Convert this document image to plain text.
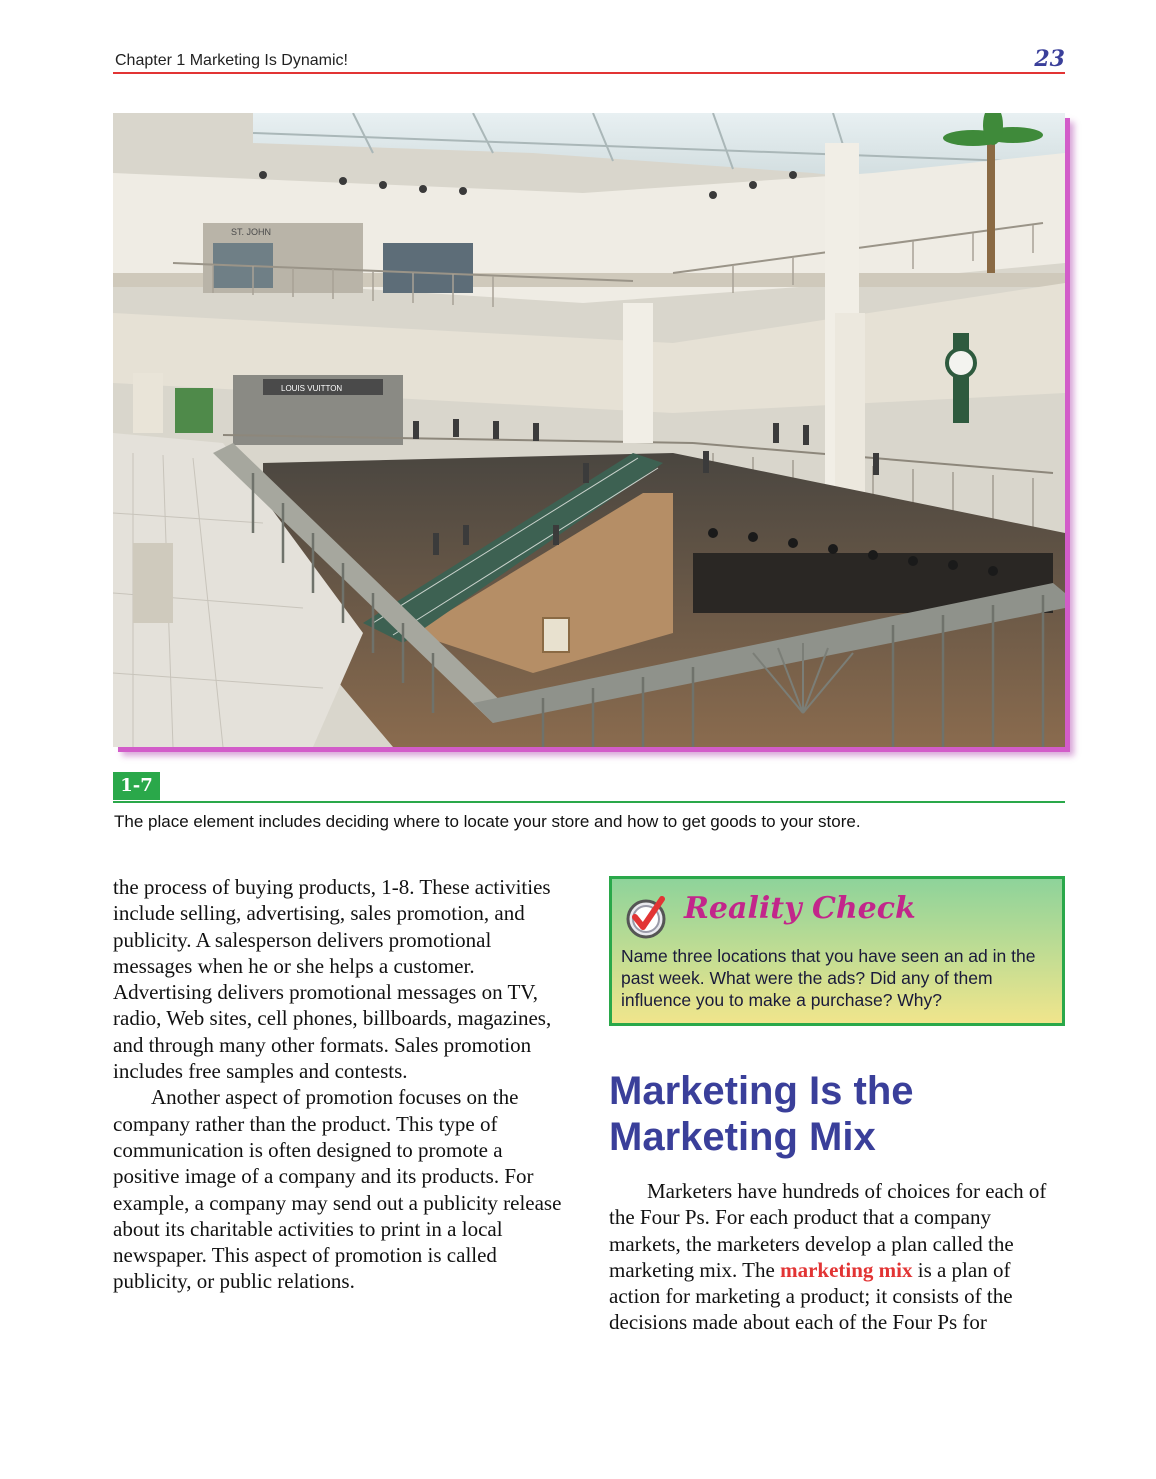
Chapter 1 Marketing Is Dynamic!	23
ST. JOHN
LOUIS VUITTON
1-7
The place element includes deciding where to locate your store and how to get goods to your store.

the process of buying products, 1-8. These activities include selling, advertising, sales promotion, and publicity. A salesperson delivers promotional messages when he or she helps a customer. Advertising delivers promotional messages on TV, radio, Web sites, cell phones, billboards, magazines, and through many other formats. Sales promotion includes free samples and contests.

Another aspect of promotion focuses on the company rather than the product. This type of communication is often designed to promote a positive image of a company and its products. For example, a company may send out a publicity release about its charitable activities to print in a local newspaper. This aspect of promotion is called publicity, or public relations.

Reality Check
Name three locations that you have seen an ad in the past week. What were the ads? Did any of them influence you to make a purchase? Why?
Marketing Is the Marketing Mix

Marketers have hundreds of choices for each of the Four Ps. For each product that a company markets, the marketers develop a plan called the marketing mix. The marketing mix is a plan of action for marketing a product; it consists of the decisions made about each of the Four Ps for
